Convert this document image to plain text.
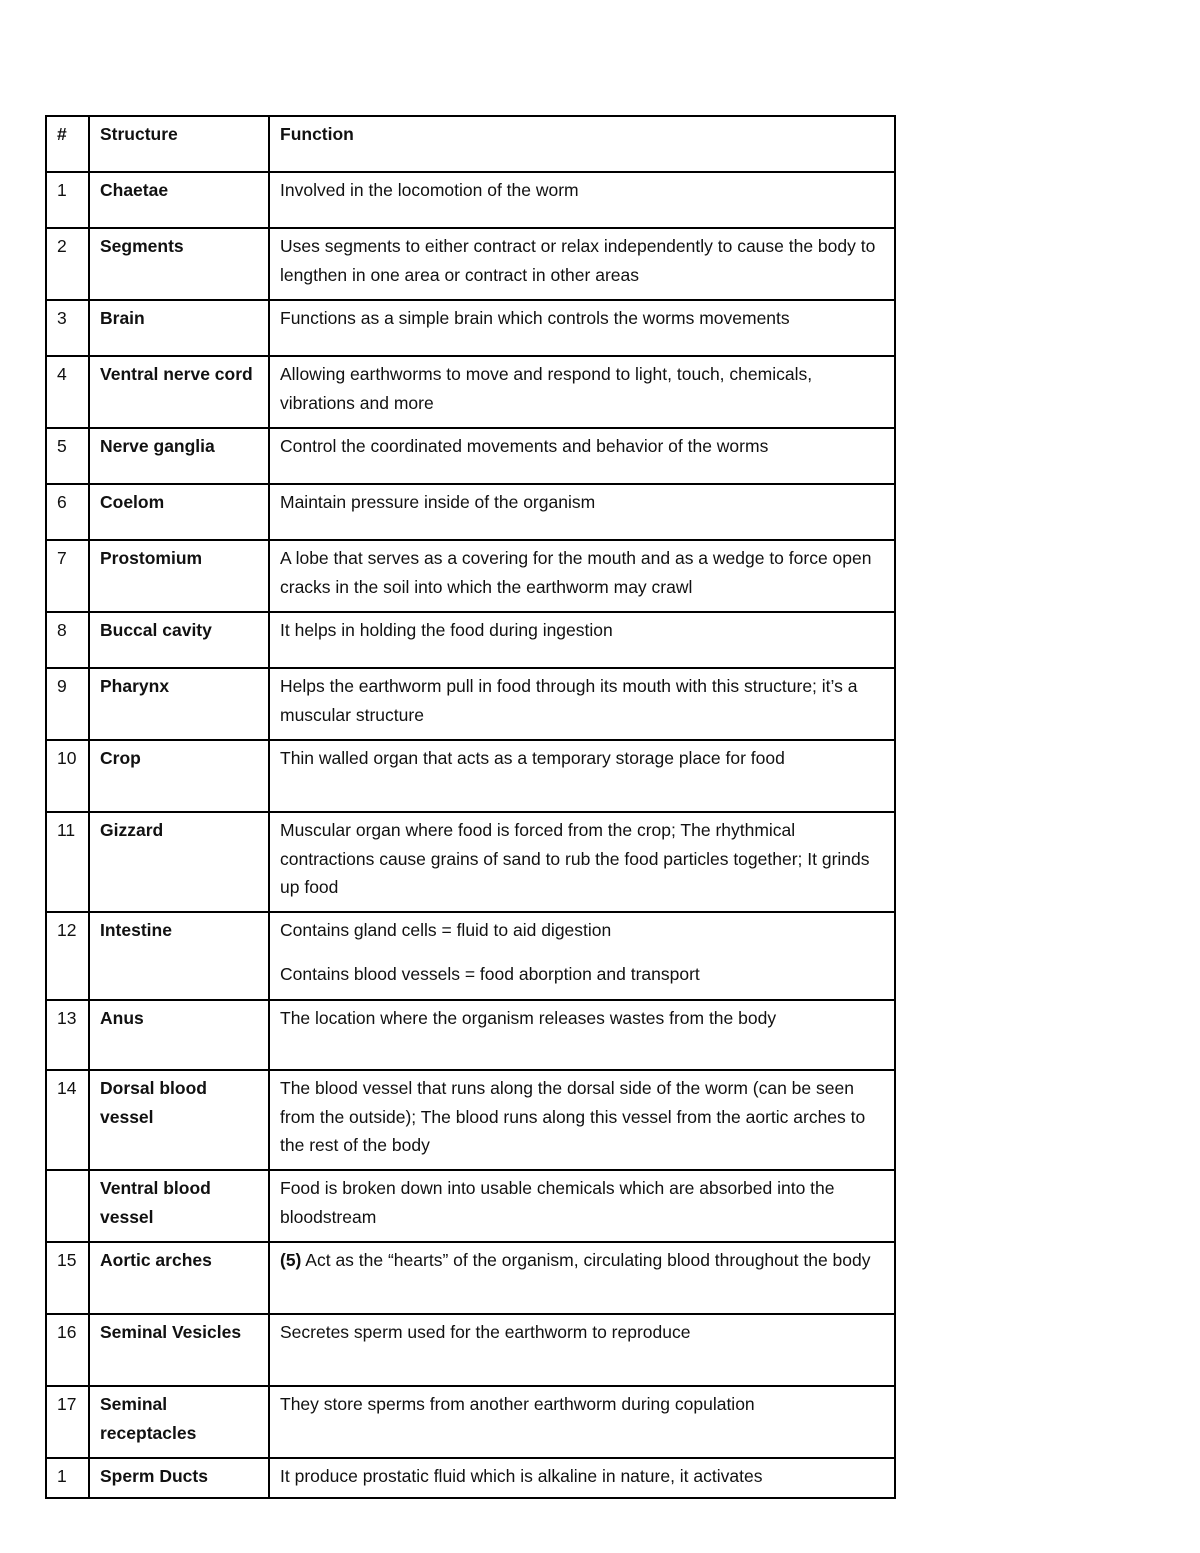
#	Structure	Function
1	Chaetae	Involved in the locomotion of the worm

2	Segments	Uses segments to either contract or relax independently to cause the body to lengthen in one area or contract in other areas

3	Brain	Functions as a simple brain which controls the worms movements

4	Ventral nerve cord	Allowing earthworms to move and respond to light, touch, chemicals, vibrations and more

5	Nerve ganglia	Control the coordinated movements and behavior of the worms

6	Coelom	Maintain pressure inside of the organism

7	Prostomium	A lobe that serves as a covering for the mouth and as a wedge to force open cracks in the soil into which the earthworm may crawl

8	Buccal cavity	It helps in holding the food during ingestion

9	Pharynx	Helps the earthworm pull in food through its mouth with this structure; it’s a muscular structure

10	Crop	Thin walled organ that acts as a temporary storage place for food

11	Gizzard	Muscular organ where food is forced from the crop; The rhythmical contractions cause grains of sand to rub the food particles together; It grinds up food

12	Intestine	Contains gland cells = fluid to aid digestion
Contains blood vessels = food aborption and transport

13	Anus	The location where the organism releases wastes from the body

14	Dorsal blood vessel	The blood vessel that runs along the dorsal side of the worm (can be seen from the outside); The blood runs along this vessel from the aortic arches to the rest of the body

	Ventral blood vessel	Food is broken down into usable chemicals which are absorbed into the bloodstream

15	Aortic arches	(5) Act as the “hearts” of the organism, circulating blood throughout the body

16	Seminal Vesicles	Secretes sperm used for the earthworm to reproduce

17	Seminal receptacles	They store sperms from another earthworm during copulation

1	Sperm Ducts	It produce prostatic fluid which is alkaline in nature, it activates
